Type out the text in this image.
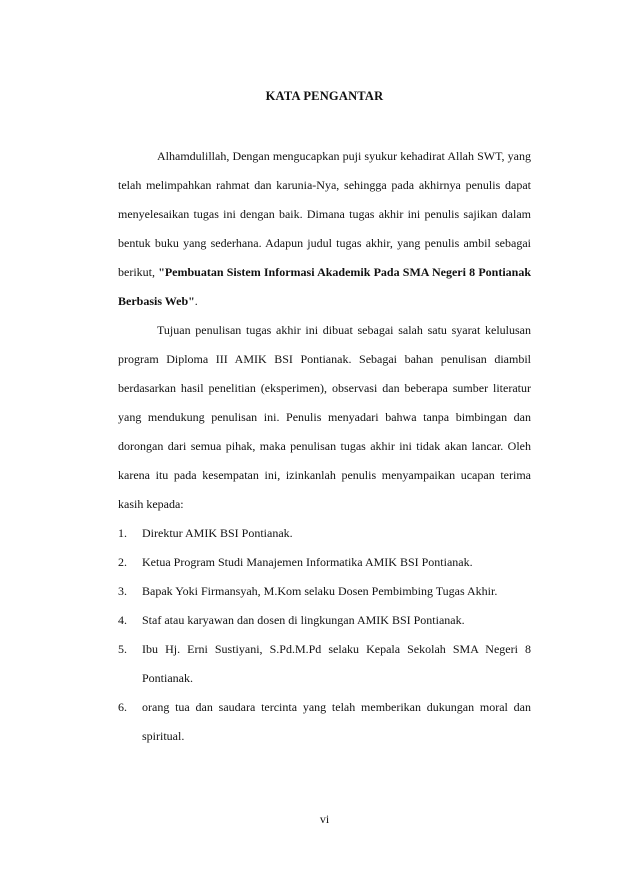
KATA PENGANTAR

Alhamdulillah, Dengan mengucapkan puji syukur kehadirat Allah SWT, yang telah melimpahkan rahmat dan karunia-Nya, sehingga pada akhirnya penulis dapat menyelesaikan tugas ini dengan baik. Dimana tugas akhir ini penulis sajikan dalam bentuk buku yang sederhana. Adapun judul tugas akhir, yang penulis ambil sebagai berikut, "Pembuatan Sistem Informasi Akademik Pada SMA Negeri 8 Pontianak Berbasis Web".

Tujuan penulisan tugas akhir ini dibuat sebagai salah satu syarat kelulusan program Diploma III AMIK BSI Pontianak. Sebagai bahan penulisan diambil berdasarkan hasil penelitian (eksperimen), observasi dan beberapa sumber literatur yang mendukung penulisan ini. Penulis menyadari bahwa tanpa bimbingan dan dorongan dari semua pihak, maka penulisan tugas akhir ini tidak akan lancar. Oleh karena itu pada kesempatan ini, izinkanlah penulis menyampaikan ucapan terima kasih kepada:

1. Direktur AMIK BSI Pontianak.
2. Ketua Program Studi Manajemen Informatika AMIK BSI Pontianak.
3. Bapak Yoki Firmansyah, M.Kom selaku Dosen Pembimbing Tugas Akhir.
4. Staf atau karyawan dan dosen di lingkungan AMIK BSI Pontianak.
5. Ibu Hj. Erni Sustiyani, S.Pd.M.Pd selaku Kepala Sekolah SMA Negeri 8 Pontianak.
6. orang tua dan saudara tercinta yang telah memberikan dukungan moral dan spiritual.
vi
